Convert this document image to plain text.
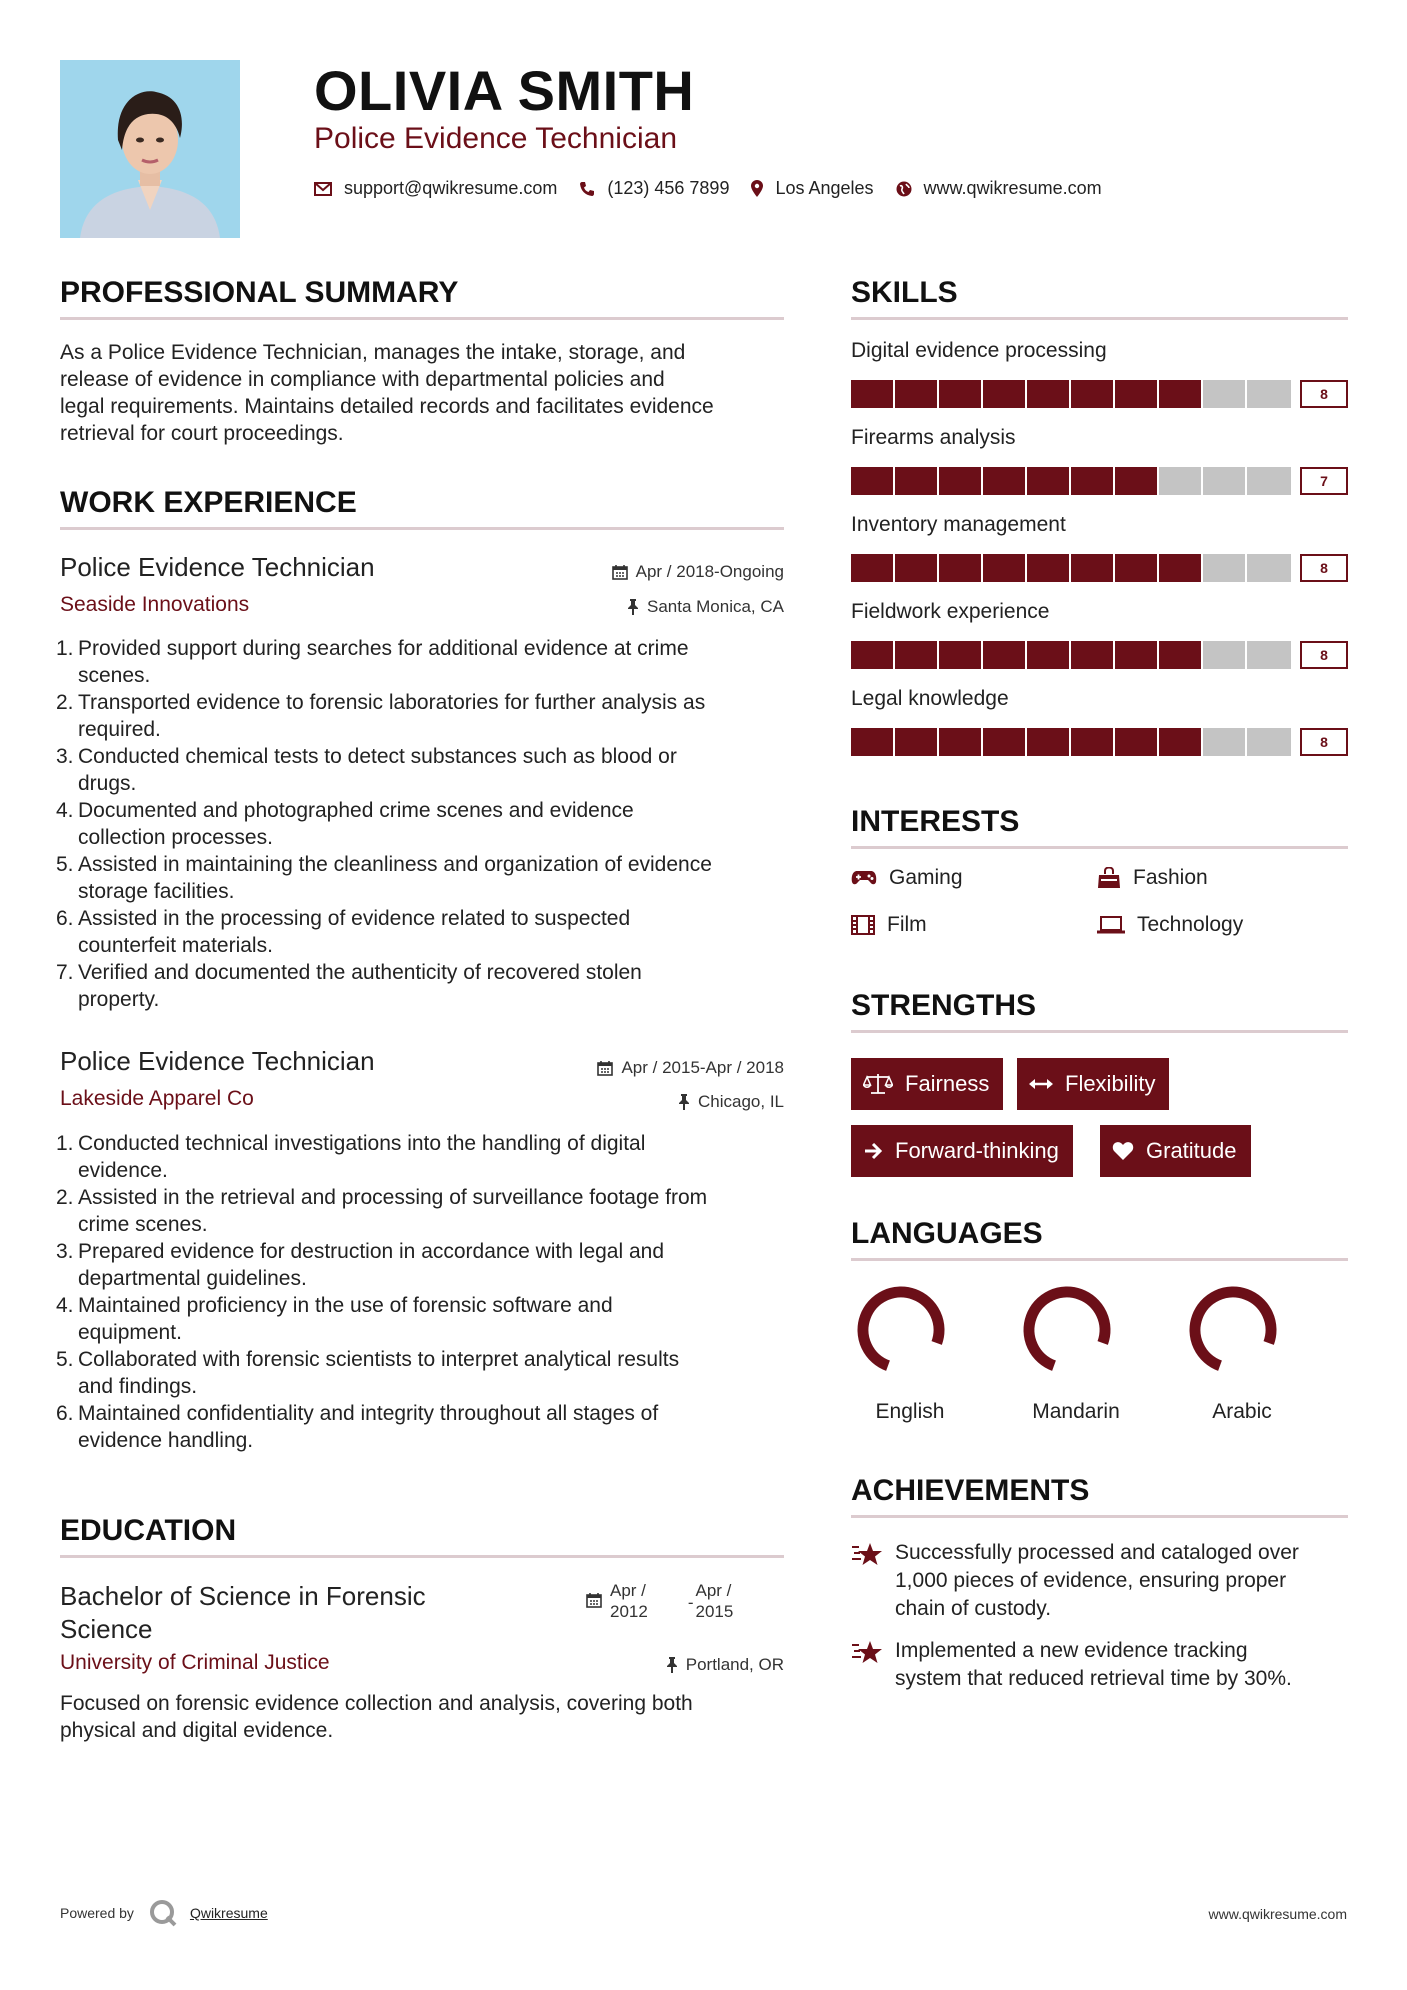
OLIVIA SMITH
Police Evidence Technician
support@qwikresume.com	(123) 456 7899	Los Angeles	www.qwikresume.com
PROFESSIONAL SUMMARY
As a Police Evidence Technician, manages the intake, storage, and
release of evidence in compliance with departmental policies and
legal requirements. Maintains detailed records and facilitates evidence
retrieval for court proceedings.
WORK EXPERIENCE
Police Evidence Technician	Apr / 2018-Ongoing
Seaside Innovations	Santa Monica, CA
1. Provided support during searches for additional evidence at crime
scenes.
2. Transported evidence to forensic laboratories for further analysis as
required.
3. Conducted chemical tests to detect substances such as blood or
drugs.
4. Documented and photographed crime scenes and evidence
collection processes.
5. Assisted in maintaining the cleanliness and organization of evidence
storage facilities.
6. Assisted in the processing of evidence related to suspected
counterfeit materials.
7. Verified and documented the authenticity of recovered stolen
property.
Police Evidence Technician	Apr / 2015-Apr / 2018
Lakeside Apparel Co	Chicago, IL
1. Conducted technical investigations into the handling of digital
evidence.
2. Assisted in the retrieval and processing of surveillance footage from
crime scenes.
3. Prepared evidence for destruction in accordance with legal and
departmental guidelines.
4. Maintained proficiency in the use of forensic software and
equipment.
5. Collaborated with forensic scientists to interpret analytical results
and findings.
6. Maintained confidentiality and integrity throughout all stages of
evidence handling.
EDUCATION
Bachelor of Science in Forensic
Science
Apr /
2012 -
Apr /
2015
University of Criminal Justice	Portland, OR
Focused on forensic evidence collection and analysis, covering both
physical and digital evidence.
SKILLS
Digital evidence processing
8
Firearms analysis
7
Inventory management
8
Fieldwork experience
8
Legal knowledge
8
INTERESTS
Gaming	Fashion
Film	Technology
STRENGTHS
Fairness	Flexibility
Forward-thinking	Gratitude
LANGUAGES
English	Mandarin	Arabic
ACHIEVEMENTS
Successfully processed and cataloged over
1,000 pieces of evidence, ensuring proper
chain of custody.
Implemented a new evidence tracking
system that reduced retrieval time by 30%.
Powered by	Qwikresume	www.qwikresume.com
